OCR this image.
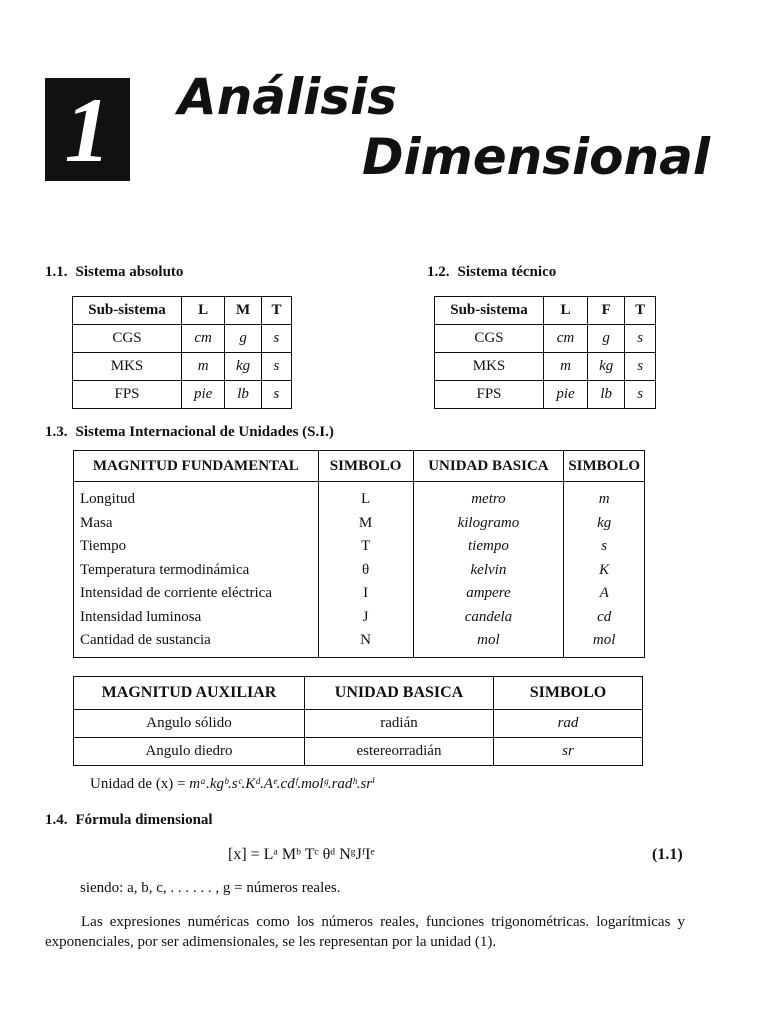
1 Análisis
Dimensional
1.1. Sistema absoluto
Sub-sistema	L	M	T
CGS	cm	g	s
MKS	m	kg	s
FPS	pie	lb	s
1.2. Sistema técnico
Sub-sistema	L	F	T
CGS	cm	g	s
MKS	m	kg	s
FPS	pie	lb	s
1.3. Sistema Internacional de Unidades (S.I.)
MAGNITUD FUNDAMENTAL	SIMBOLO	UNIDAD BASICA	SIMBOLO
Longitud	L	metro	m
Masa	M	kilogramo	kg
Tiempo	T	tiempo	s
Temperatura termodinámica	θ	kelvin	K
Intensidad de corriente eléctrica	I	ampere	A
Intensidad luminosa	J	candela	cd
Cantidad de sustancia	N	mol	mol
MAGNITUD AUXILIAR	UNIDAD BASICA	SIMBOLO
Angulo sólido	radián	rad
Angulo diedro	estereorradián	sr
Unidad de (x) = mᵃ.kgᵇ.sᶜ.Kᵈ.Aᵉ.cdᶠ.molᵍ.radʰ.srⁱ
1.4. Fórmula dimensional
[x] = Lᵃ Mᵇ Tᶜ θᵈ NᵍJᶠIᵉ	(1.1)
siendo: a, b, c, . . . . . . , g = números reales.
Las expresiones numéricas como los números reales, funciones trigonométricas. logarítmicas y exponenciales, por ser adimensionales, se les representan por la unidad (1).
